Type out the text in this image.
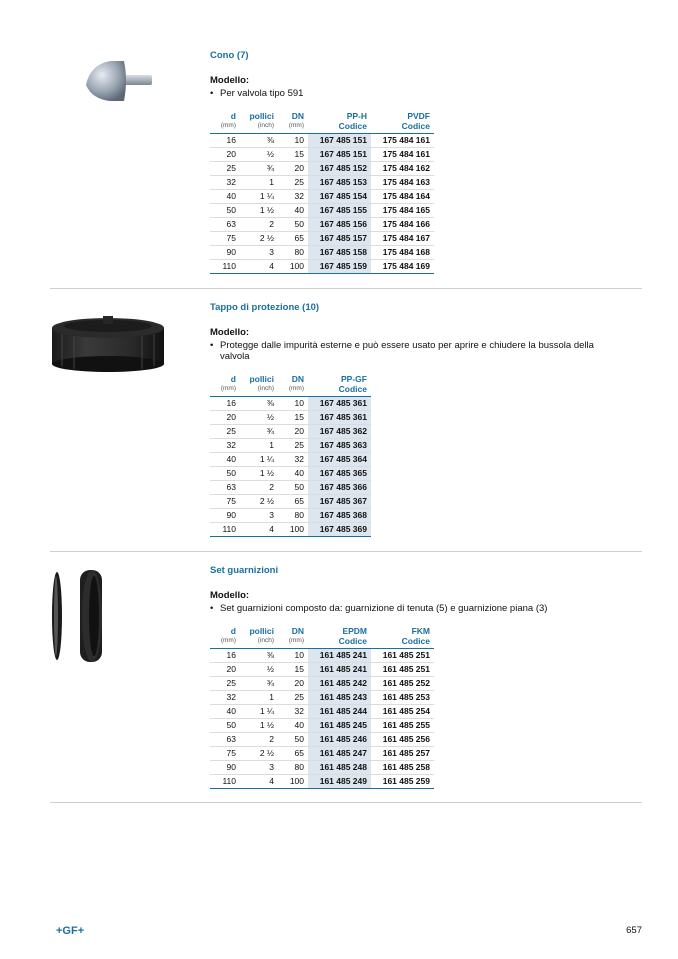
Cono (7)
Modello:
• Per valvola tipo 591
d	pollici	DN	PP-H	PVDF
(mm)	(inch)	(mm)	Codice	Codice
16	⅜	10	167 485 151	175 484 161
20	½	15	167 485 151	175 484 161
25	¾	20	167 485 152	175 484 162
32	1	25	167 485 153	175 484 163
40	1 ¼	32	167 485 154	175 484 164
50	1 ½	40	167 485 155	175 484 165
63	2	50	167 485 156	175 484 166
75	2 ½	65	167 485 157	175 484 167
90	3	80	167 485 158	175 484 168
110	4	100	167 485 159	175 484 169
Tappo di protezione (10)
Modello:
• Protegge dalle impurità esterne e può essere usato per aprire e chiudere la bussola della valvola
d	pollici	DN	PP-GF
(mm)	(inch)	(mm)	Codice
16	⅜	10	167 485 361
20	½	15	167 485 361
25	¾	20	167 485 362
32	1	25	167 485 363
40	1 ¼	32	167 485 364
50	1 ½	40	167 485 365
63	2	50	167 485 366
75	2 ½	65	167 485 367
90	3	80	167 485 368
110	4	100	167 485 369
Set guarnizioni
Modello:
• Set guarnizioni composto da: guarnizione di tenuta (5) e guarnizione piana (3)
d	pollici	DN	EPDM	FKM
(mm)	(inch)	(mm)	Codice	Codice
16	⅜	10	161 485 241	161 485 251
20	½	15	161 485 241	161 485 251
25	¾	20	161 485 242	161 485 252
32	1	25	161 485 243	161 485 253
40	1 ¼	32	161 485 244	161 485 254
50	1 ½	40	161 485 245	161 485 255
63	2	50	161 485 246	161 485 256
75	2 ½	65	161 485 247	161 485 257
90	3	80	161 485 248	161 485 258
110	4	100	161 485 249	161 485 259
+GF+	657
